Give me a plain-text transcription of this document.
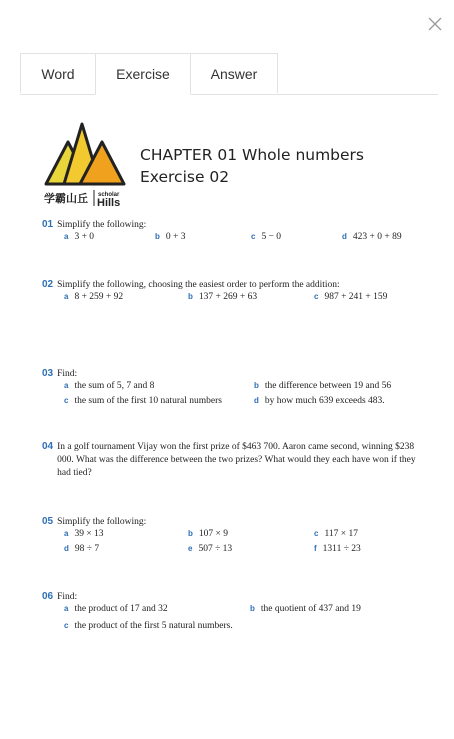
Word	Exercise	Answer
学霸山丘 scholar
Hills
CHAPTER 01 Whole numbers
Exercise 02
01 Simplify the following:
a 3 + 0	b 0 + 3	c 5 − 0	d 423 + 0 + 89
02 Simplify the following, choosing the easiest order to perform the addition:
a 8 + 259 + 92	b 137 + 269 + 63	c 987 + 241 + 159
03 Find:
a the sum of 5, 7 and 8	b the difference between 19 and 56
c the sum of the first 10 natural numbers	d by how much 639 exceeds 483.
04 In a golf tournament Vijay won the first prize of $463 700. Aaron came second, winning $238 000. What was the difference between the two prizes? What would they each have won if they had tied?
05 Simplify the following:
a 39 × 13	b 107 × 9	c 117 × 17
d 98 ÷ 7	e 507 ÷ 13	f 1311 ÷ 23
06 Find:
a the product of 17 and 32	b the quotient of 437 and 19
c the product of the first 5 natural numbers.
